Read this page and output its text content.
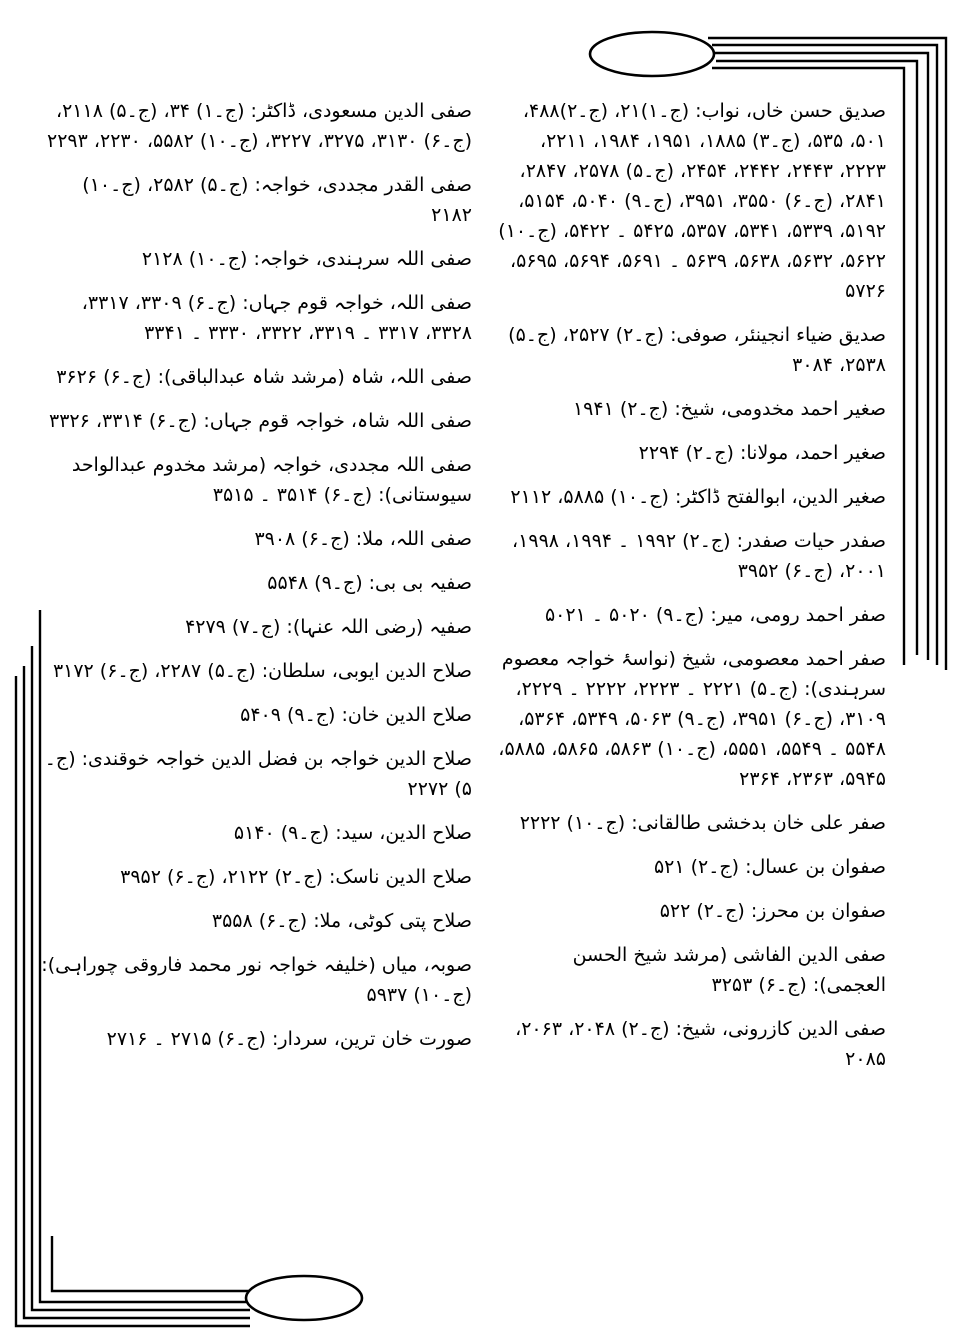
صدیق حسن خاں، نواب: (ج۔۱)۲۱، (ج۔۲)۴۸۸، ۵۰۱، ۵۳۵، (ج۔۳) ۱۸۸۵، ۱۹۵۱، ۱۹۸۴، ۲۲۱۱، ۲۲۲۳، ۲۴۴۳، ۲۴۴۲، ۲۴۵۴، (ج۔۵) ۲۵۷۸، ۲۸۴۷، ۲۸۴۱، (ج۔۶) ۳۵۵۰، ۳۹۵۱، (ج۔۹) ۵۰۴۰، ۵۱۵۴، ۵۱۹۲، ۵۳۳۹، ۵۳۴۱، ۵۳۵۷، ۵۴۲۵ ۔ ۵۴۲۲، (ج۔۱۰) ۵۶۲۲، ۵۶۳۲، ۵۶۳۸، ۵۶۳۹ ۔ ۵۶۹۱، ۵۶۹۴، ۵۶۹۵، ۵۷۲۶

صدیق ضیاء انجینئر، صوفی: (ج۔۲) ۲۵۲۷، (ج۔۵) ۲۵۳۸، ۳۰۸۴

صغیر احمد مخدومی، شیخ: (ج۔۲) ۱۹۴۱

صغیر احمد، مولانا: (ج۔۲) ۲۲۹۴

صغیر الدین، ابوالفتح ڈاکٹر: (ج۔۱۰) ۵۸۸۵، ۲۱۱۲

صفدر حیات صفدر: (ج۔۲) ۱۹۹۲ ۔ ۱۹۹۴، ۱۹۹۸، ۲۰۰۱، (ج۔۶) ۳۹۵۲

صفر احمد رومی، میر: (ج۔۹) ۵۰۲۰ ۔ ۵۰۲۱

صفر احمد معصومی، شیخ (نواسۂ خواجہ معصوم سرہندی): (ج۔۵) ۲۲۲۱ ۔ ۲۲۲۳، ۲۲۲۲ ۔ ۲۲۲۹، ۳۱۰۹، (ج۔۶) ۳۹۵۱، (ج۔۹) ۵۰۶۳، ۵۳۴۹، ۵۳۶۴، ۵۵۴۸ ۔ ۵۵۴۹، ۵۵۵۱، (ج۔۱۰) ۵۸۶۳، ۵۸۶۵، ۵۸۸۵، ۵۹۴۵، ۲۳۶۳، ۲۳۶۴

صفر علی خان بدخشی طالقانی: (ج۔۱۰) ۲۲۲۲

صفوان بن عسال: (ج۔۲) ۵۲۱

صفوان بن محرز: (ج۔۲) ۵۲۲

صفی الدین الفاشی (مرشد شیخ الحسن العجمی): (ج۔۶) ۳۲۵۳

صفی الدین کازرونی، شیخ: (ج۔۲) ۲۰۴۸، ۲۰۶۳، ۲۰۸۵

صفی الدین مسعودی، ڈاکٹر: (ج۔۱) ۳۴، (ج۔۵) ۲۱۱۸، (ج۔۶) ۳۱۳۰، ۳۲۷۵، ۳۲۲۷، (ج۔۱۰) ۵۵۸۲، ۲۲۳۰، ۲۲۹۳

صفی القدر مجددی، خواجہ: (ج۔۵) ۲۵۸۲، (ج۔۱۰) ۲۱۸۲

صفی اللہ سرہندی، خواجہ: (ج۔۱۰) ۲۱۲۸

صفی اللہ، خواجہ قوم جہاں: (ج۔۶) ۳۳۰۹، ۳۳۱۷، ۳۳۲۸، ۳۳۱۷ ۔ ۳۳۱۹، ۳۳۲۲، ۳۳۳۰ ۔ ۳۳۴۱

صفی اللہ، شاہ (مرشد شاہ عبدالباقی): (ج۔۶) ۳۶۲۶

صفی اللہ شاہ، خواجہ قوم جہاں: (ج۔۶) ۳۳۱۴، ۳۳۲۶

صفی اللہ مجددی، خواجہ (مرشد مخدوم عبدالواحد سیوستانی): (ج۔۶) ۳۵۱۴ ۔ ۳۵۱۵

صفی اللہ، ملا: (ج۔۶) ۳۹۰۸

صفیہ بی بی: (ج۔۹) ۵۵۴۸

صفیہ (رضی اللہ عنہا): (ج۔۷) ۴۲۷۹

صلاح الدین ایوبی، سلطان: (ج۔۵) ۲۲۸۷، (ج۔۶) ۳۱۷۲

صلاح الدین خان: (ج۔۹) ۵۴۰۹

صلاح الدین خواجہ بن فضل الدین خواجہ خوقندی: (ج۔۵) ۲۲۷۲

صلاح الدین، سید: (ج۔۹) ۵۱۴۰

صلاح الدین ناسک: (ج۔۲) ۲۱۲۲، (ج۔۶) ۳۹۵۲

صلاح پتی کوٹی، ملا: (ج۔۶) ۳۵۵۸

صوبہ، میاں (خلیفہ خواجہ نور محمد فاروقی چوراہی): (ج۔۱۰) ۵۹۳۷

صورت خان ترین، سردار: (ج۔۶) ۲۷۱۵ ۔ ۲۷۱۶
